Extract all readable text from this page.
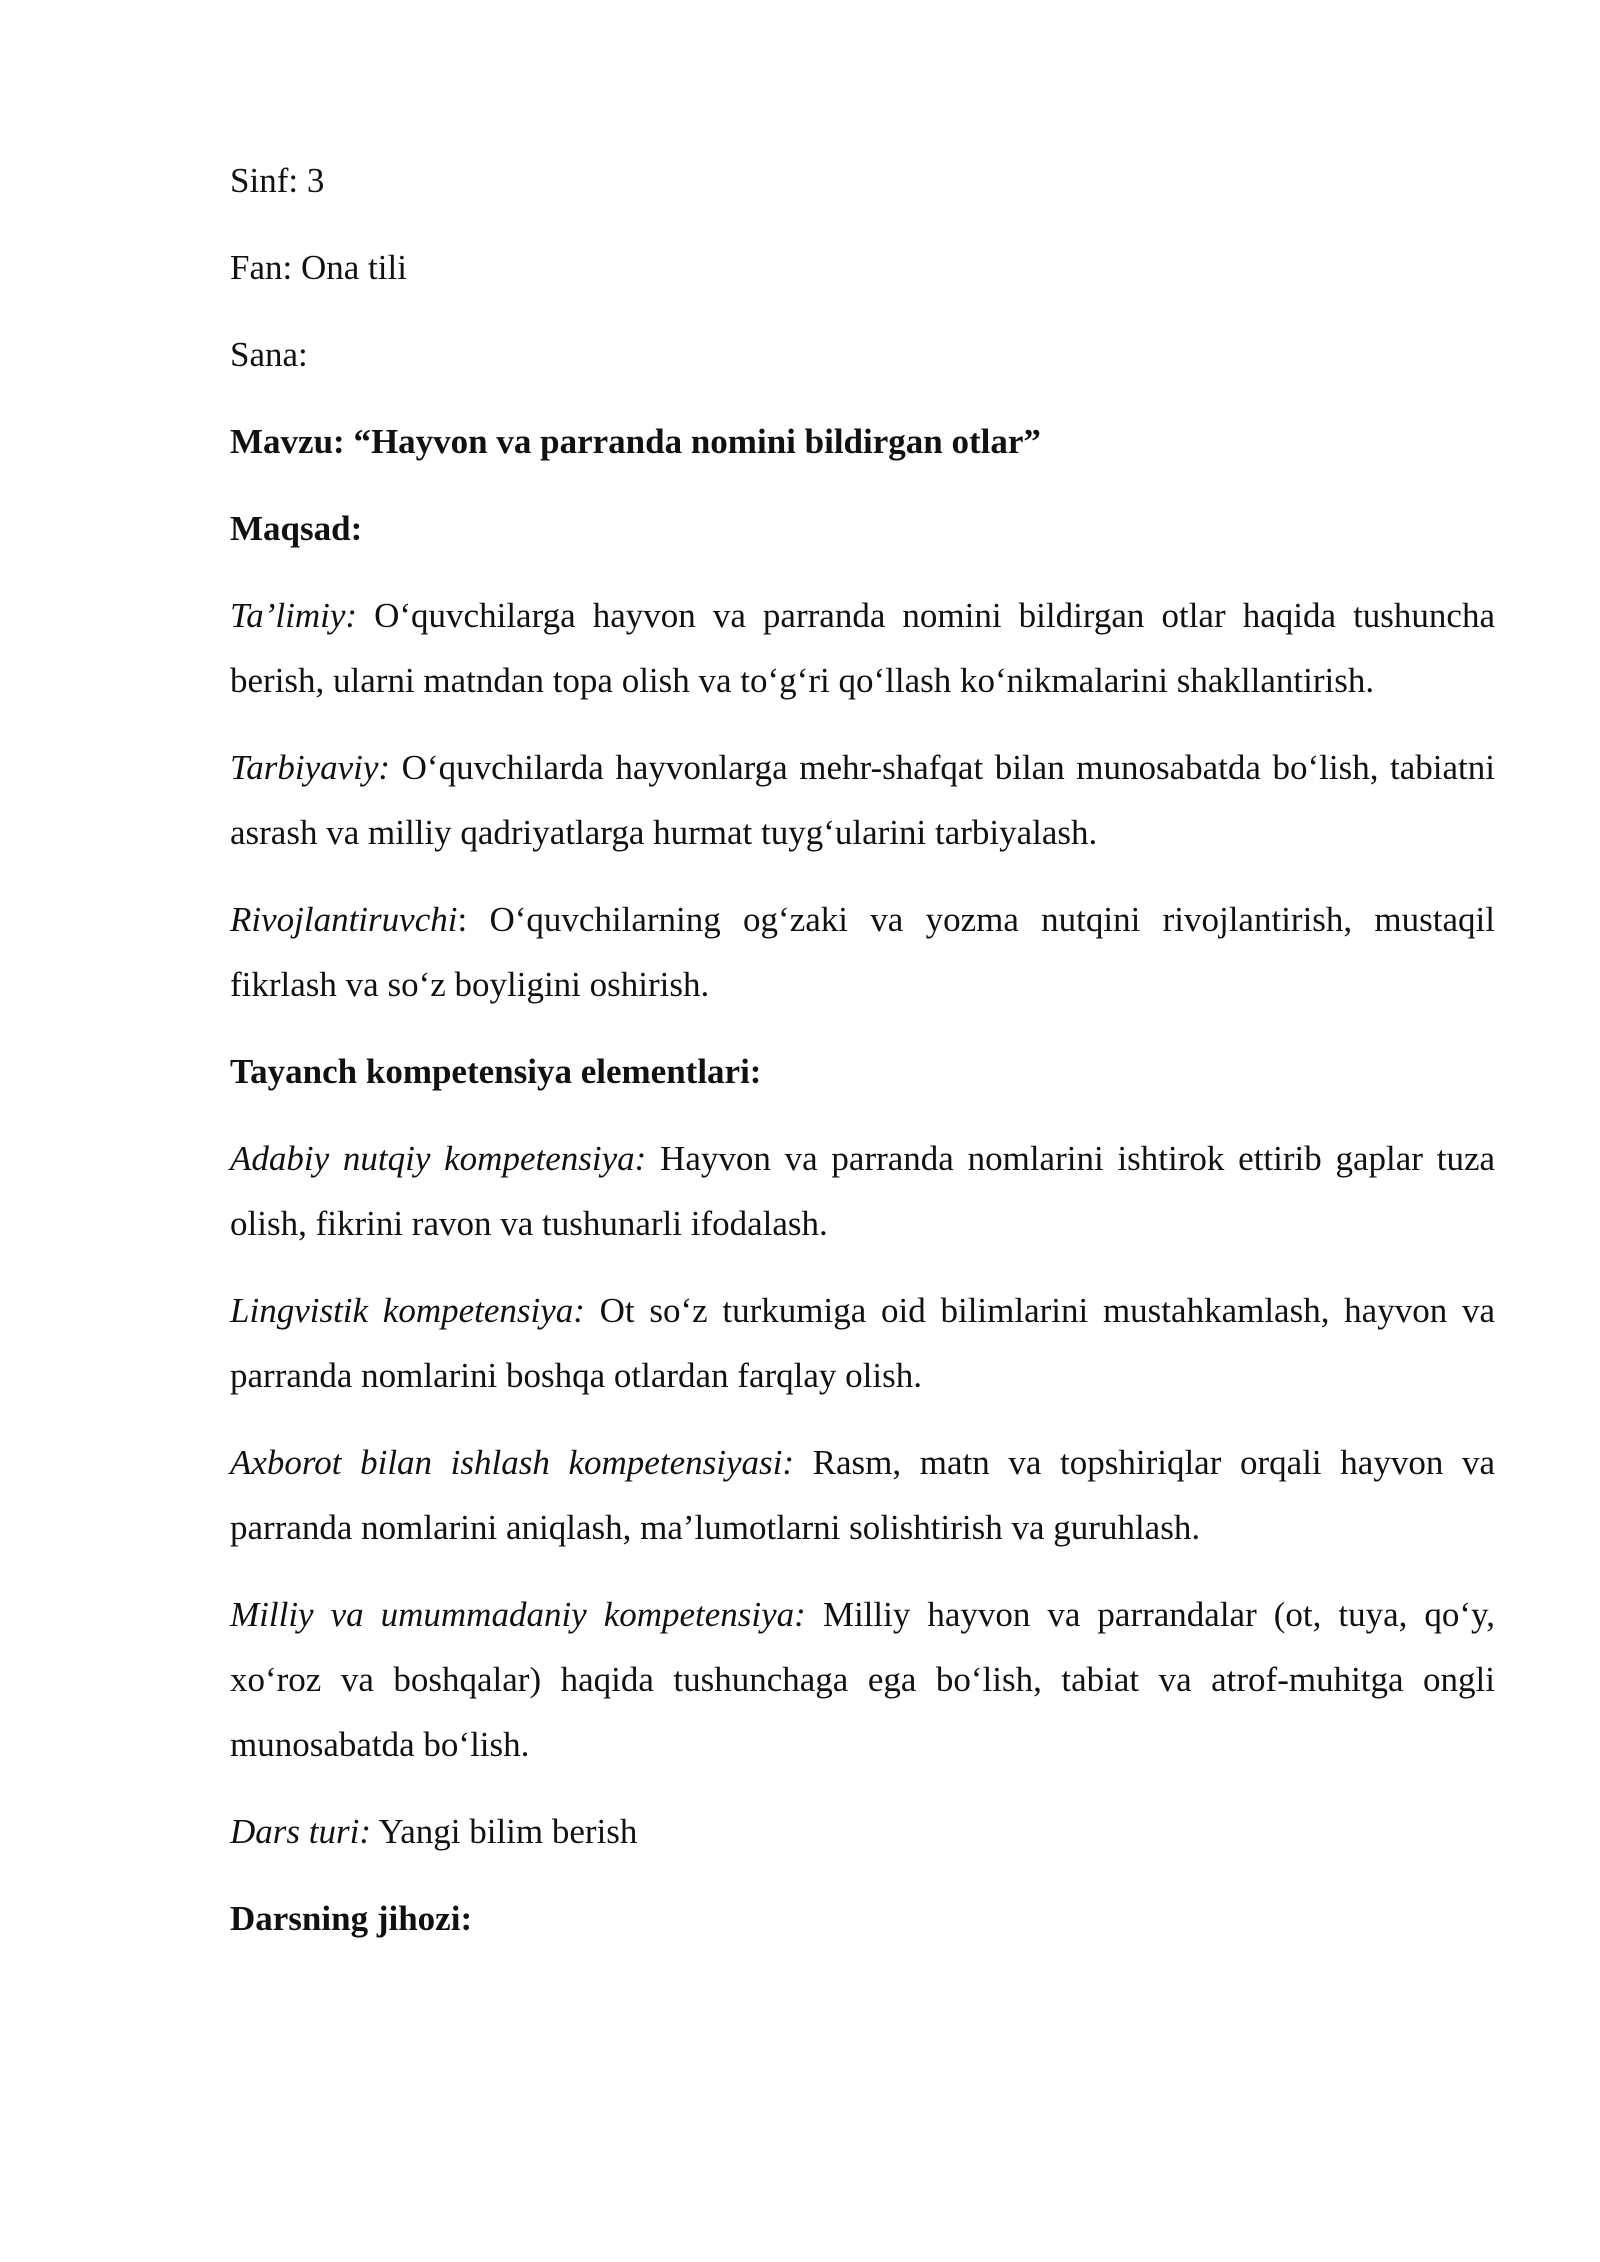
Sinf: 3
Fan: Ona tili
Sana:
Mavzu: “Hayvon va parranda nomini bildirgan otlar”
Maqsad:

Ta’limiy: O‘quvchilarga hayvon va parranda nomini bildirgan otlar haqida tushuncha berish, ularni matndan topa olish va to‘g‘ri qo‘llash ko‘nikmalarini shakllantirish.

Tarbiyaviy: O‘quvchilarda hayvonlarga mehr-shafqat bilan munosabatda bo‘lish, tabiatni asrash va milliy qadriyatlarga hurmat tuyg‘ularini tarbiyalash.

Rivojlantiruvchi: O‘quvchilarning og‘zaki va yozma nutqini rivojlantirish, mustaqil fikrlash va so‘z boyligini oshirish.

Tayanch kompetensiya elementlari:

Adabiy nutqiy kompetensiya: Hayvon va parranda nomlarini ishtirok ettirib gaplar tuza olish, fikrini ravon va tushunarli ifodalash.

Lingvistik kompetensiya: Ot so‘z turkumiga oid bilimlarini mustahkamlash, hayvon va parranda nomlarini boshqa otlardan farqlay olish.

Axborot bilan ishlash kompetensiyasi: Rasm, matn va topshiriqlar orqali hayvon va parranda nomlarini aniqlash, ma’lumotlarni solishtirish va guruhlash.

Milliy va umummadaniy kompetensiya: Milliy hayvon va parrandalar (ot, tuya, qo‘y, xo‘roz va boshqalar) haqida tushunchaga ega bo‘lish, tabiat va atrof-muhitga ongli munosabatda bo‘lish.

Dars turi: Yangi bilim berish

Darsning jihozi:
